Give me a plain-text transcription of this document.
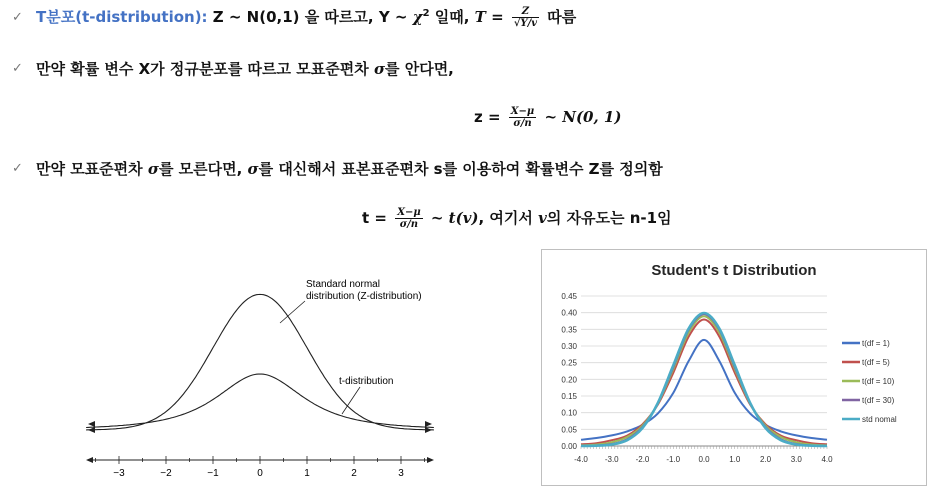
✓ T분포(t-distribution): Z ~ N(0,1) 을 따르고, Y ~ $\chi^2$ 일때, $T = \frac{Z}{√Y/v}$ 따름
✓ 만약 확률 변수 X가 정규분포를 따르고 모표준편차 σ를 안다면,
$z = \frac{X-\mu}{\sigma/n}$ ~ N(0, 1)
✓ 만약 모표준편차 σ를 모른다면, σ를 대신해서 표본표준편차 s를 이용하여 확률변수 Z를 정의함
$t = \frac{X-\mu}{\sigma/n}$ ~ t(v), 여기서 v의 자유도는 n-1임
Standard normal
distribution (Z-distribution)
t-distribution
−3	−2	−1	0	1	2	3
Student's t Distribution
0.00
0.05
0.10
0.15
0.20
0.25
0.30
0.35
0.40
0.45
-4.0 -3.0 -2.0 -1.0 0.0 1.0 2.0 3.0 4.0
t(df = 1)
t(df = 5)
t(df = 10)
t(df = 30)
std nomal
